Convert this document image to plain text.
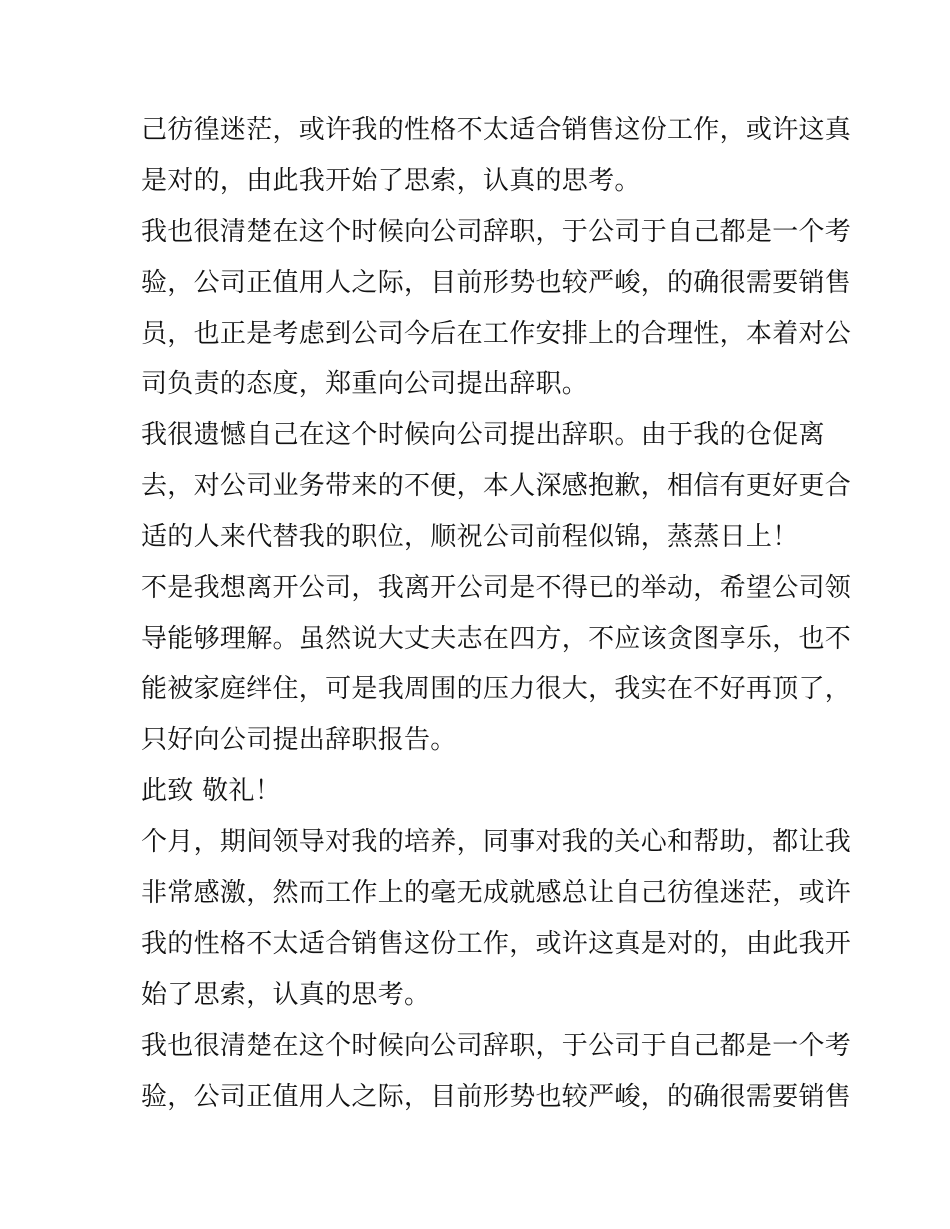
己彷徨迷茫，或许我的性格不太适合销售这份工作，或许这真
是对的，由此我开始了思索，认真的思考。
我也很清楚在这个时候向公司辞职，于公司于自己都是一个考
验，公司正值用人之际，目前形势也较严峻，的确很需要销售
员，也正是考虑到公司今后在工作安排上的合理性，本着对公
司负责的态度，郑重向公司提出辞职。
我很遗憾自己在这个时候向公司提出辞职。由于我的仓促离
去，对公司业务带来的不便，本人深感抱歉，相信有更好更合
适的人来代替我的职位，顺祝公司前程似锦，蒸蒸日上！
不是我想离开公司，我离开公司是不得已的举动，希望公司领
导能够理解。虽然说大丈夫志在四方，不应该贪图享乐，也不
能被家庭绊住，可是我周围的压力很大，我实在不好再顶了，
只好向公司提出辞职报告。
此致 敬礼！
个月，期间领导对我的培养，同事对我的关心和帮助，都让我
非常感激，然而工作上的毫无成就感总让自己彷徨迷茫，或许
我的性格不太适合销售这份工作，或许这真是对的，由此我开
始了思索，认真的思考。
我也很清楚在这个时候向公司辞职，于公司于自己都是一个考
验，公司正值用人之际，目前形势也较严峻，的确很需要销售
